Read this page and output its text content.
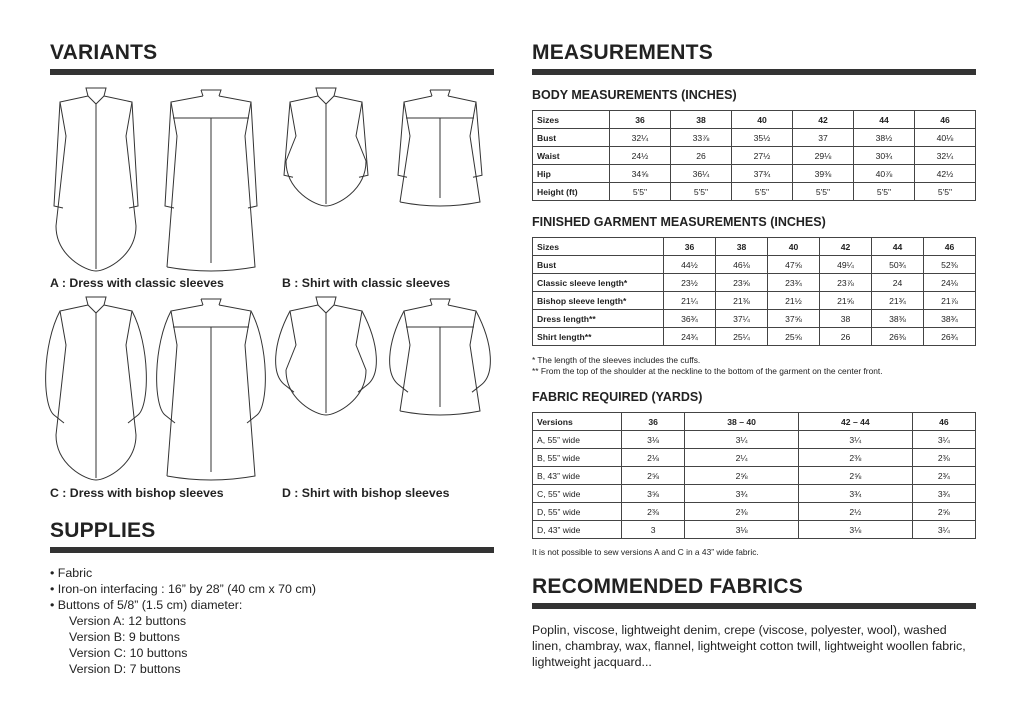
VARIANTS
A : Dress with classic sleeves	B : Shirt with classic sleeves
C : Dress with bishop sleeves	D : Shirt with bishop sleeves
SUPPLIES
• Fabric
• Iron-on interfacing : 16” by 28” (40 cm x 70 cm)
• Buttons of 5/8” (1.5 cm) diameter:
Version A: 12 buttons
Version B: 9 buttons
Version C: 10 buttons
Version D: 7 buttons
MEASUREMENTS
BODY MEASUREMENTS (INCHES)
Sizes	36	38	40	42	44	46
Bust	32¼	33⅞	35½	37	38½	40⅛
Waist	24½	26	27½	29⅛	30¾	32¼
Hip	34⅝	36¼	37¾	39⅜	40⅞	42½
Height (ft)	5'5"	5'5"	5'5"	5'5"	5'5"	5'5"
FINISHED GARMENT MEASUREMENTS (INCHES)
Sizes	36	38	40	42	44	46
Bust	44½	46⅛	47⅝	49¼	50¾	52⅜
Classic sleeve length*	23½	23⅝	23¾	23⅞	24	24⅛
Bishop sleeve length*	21¼	21⅜	21½	21⅝	21¾	21⅞
Dress length**	36¾	37¼	37⅝	38	38⅜	38¾
Shirt length**	24¾	25¼	25⅝	26	26⅜	26¾
* The length of the sleeves includes the cuffs.
** From the top of the shoulder at the neckline to the bottom of the garment on the center front.
FABRIC REQUIRED (YARDS)
Versions	36	38 – 40	42 – 44	46
A, 55” wide	3⅛	3¼	3¼	3¼
B, 55” wide	2⅛	2¼	2⅜	2⅜
B, 43” wide	2⅝	2⅝	2⅝	2¾
C, 55” wide	3⅝	3¾	3¾	3¾
D, 55” wide	2⅜	2⅜	2½	2⅝
D, 43” wide	3	3⅛	3⅛	3¼
It is not possible to sew versions A and C in a 43” wide fabric.
RECOMMENDED FABRICS
Poplin, viscose, lightweight denim, crepe (viscose, polyester, wool), washed linen, chambray, wax, flannel, lightweight cotton twill, lightweight woollen fabric, lightweight jacquard...
